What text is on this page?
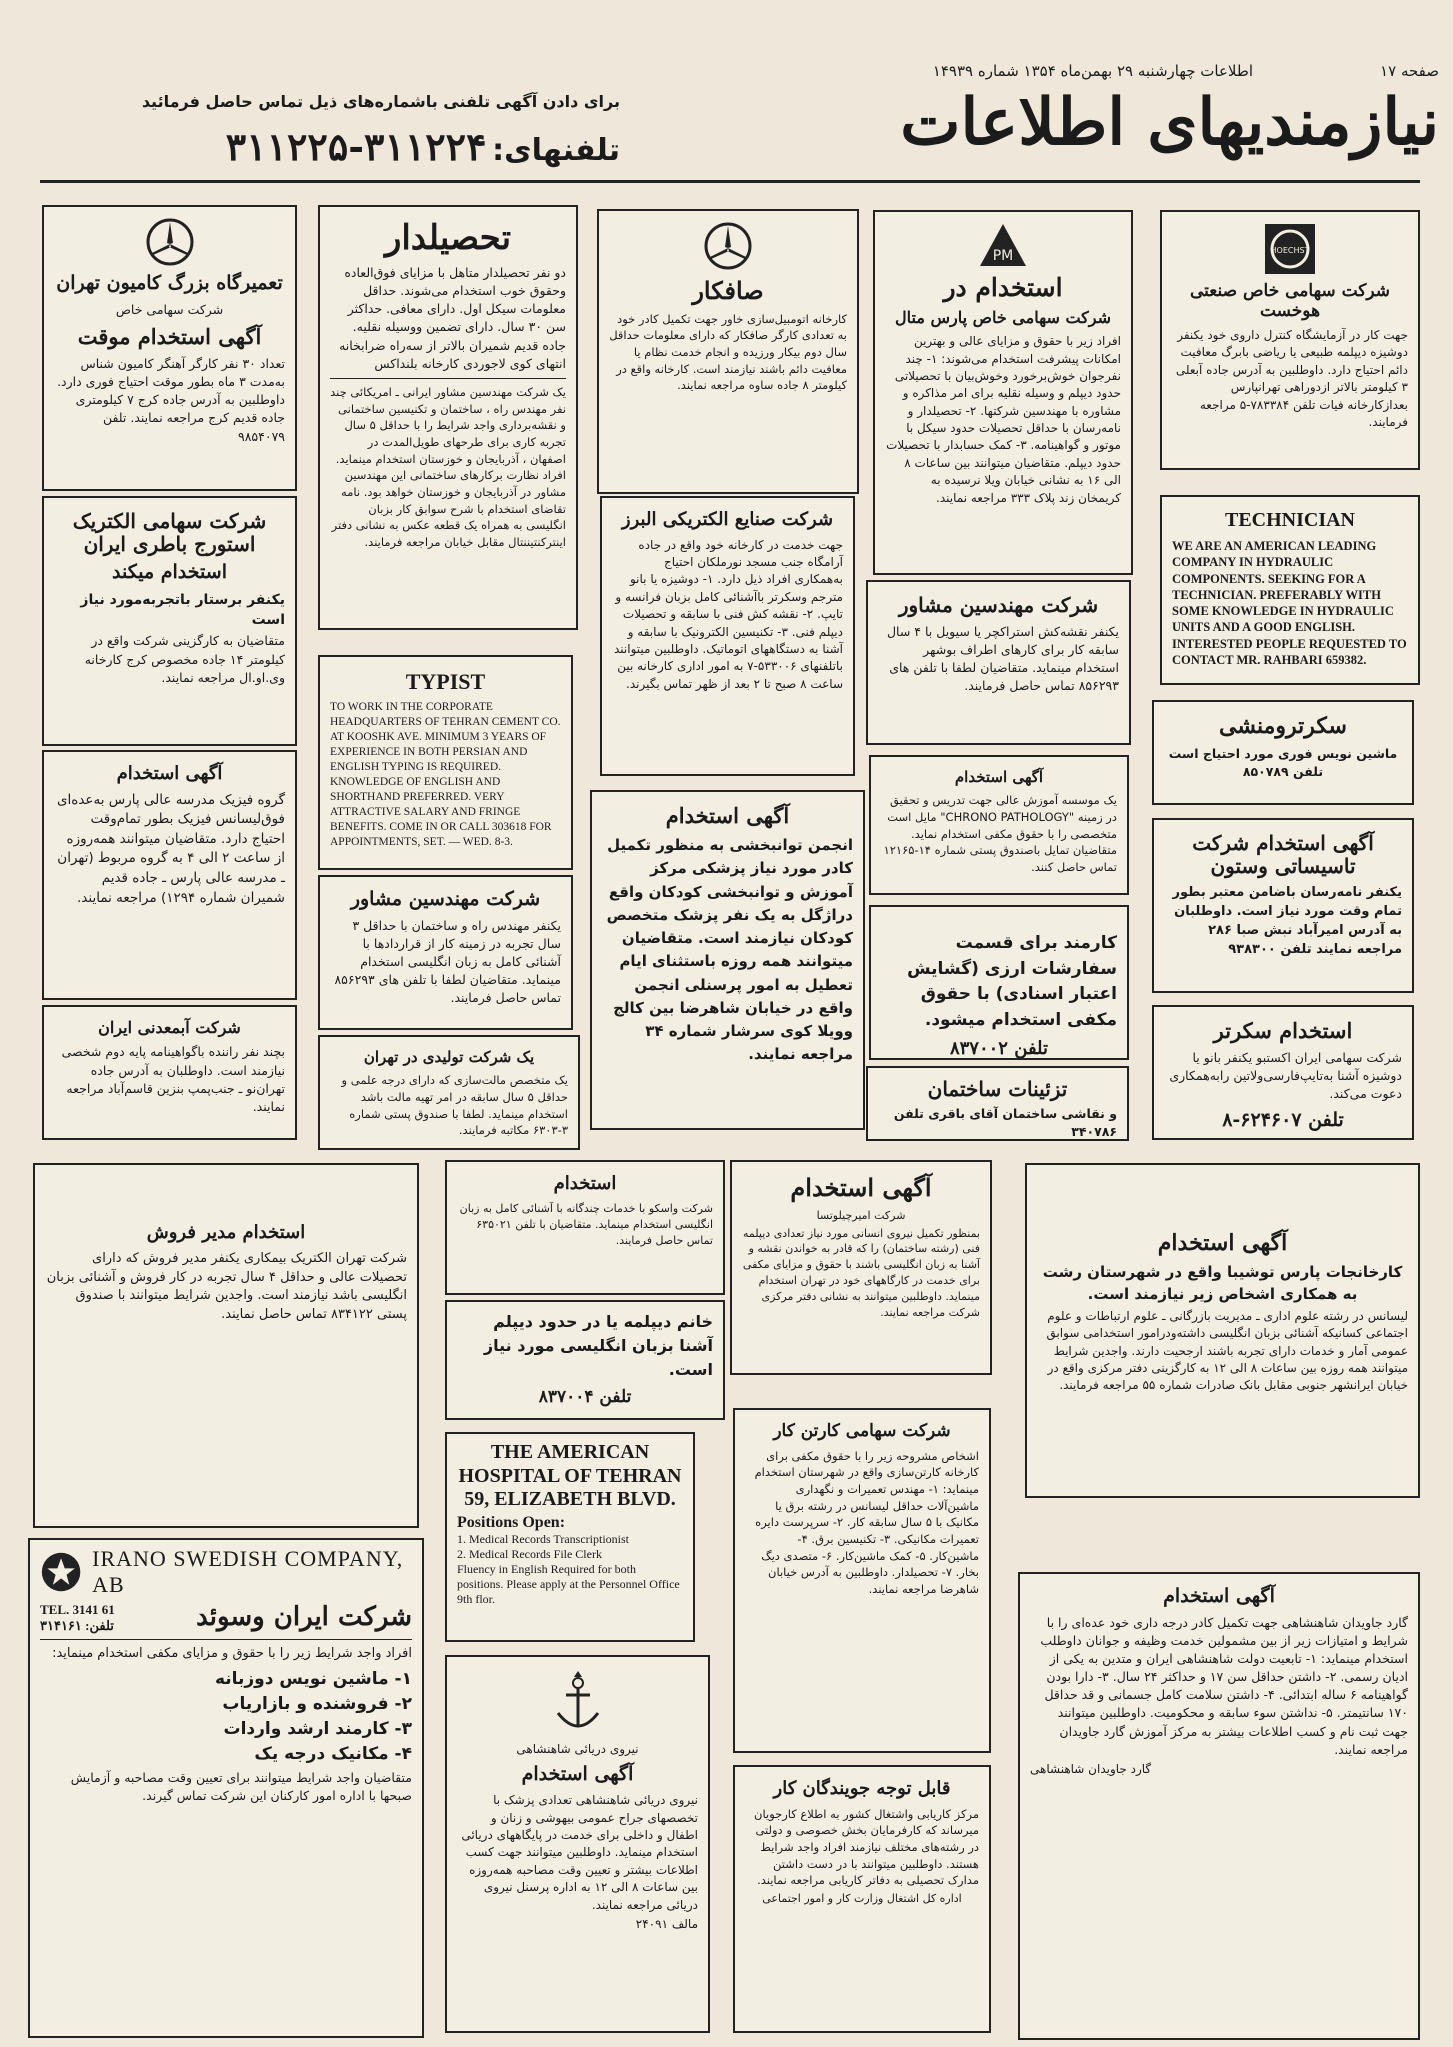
صفحه ۱۷
اطلاعات چهارشنبه ۲۹ بهمن‌ماه ۱۳۵۴ شماره ۱۴۹۳۹
نیازمندیهای اطلاعات
برای دادن آگهی تلفنی باشماره‌های ذیل تماس حاصل فرمائید
تلفنهای: ۳۱۱۲۲۴-۳۱۱۲۲۵
تعمیرگاه بزرگ کامیون تهران
شرکت سهامی خاص
آگهی استخدام موقت
تعداد ۳۰ نفر کارگر آهنگر کامیون شناس به‌مدت ۳ ماه بطور موقت احتیاج فوری دارد. داوطلبین به آدرس جاده کرج ۷ کیلومتری جاده قدیم کرج مراجعه نمایند. تلفن ۹۸۵۴۰۷۹
شرکت سهامی الکتریک استورج باطری ایران
استخدام میکند
یکنفر برستار باتجربه‌مورد نیاز است
متقاضیان به کارگزینی شرکت واقع در کیلومتر ۱۴ جاده مخصوص کرج کارخانه وی.او.ال مراجعه نمایند.
آگهی استخدام
گروه فیزیک مدرسه عالی پارس به‌عده‌ای فوق‌لیسانس فیزیک بطور تمام‌وقت احتیاج دارد. متقاضیان میتوانند همه‌روزه از ساعت ۲ الی ۴ به گروه مربوط (تهران ـ مدرسه عالی پارس ـ جاده قدیم شمیران شماره ۱۲۹۴) مراجعه نمایند.
شرکت آبمعدنی ایران
بچند نفر راننده باگواهینامه پایه دوم شخصی نیازمند است. داوطلبان به آدرس جاده تهران‌نو ـ جنب‌پمپ بنزین قاسم‌آباد مراجعه نمایند.
استخدام مدیر فروش
شرکت تهران الکتریک بیمکاری یکنفر مدیر فروش که دارای تحصیلات عالی و حداقل ۴ سال تجربه در کار فروش و آشنائی بزبان انگلیسی باشد نیازمند است. واجدین شرایط میتوانند با صندوق پستی ۸۳۴۱۲۲ تماس حاصل نمایند.
IRANO SWEDISH COMPANY, AB
TEL. 3141 61
تلفن: ۳۱۴۱۶۱	شرکت ایران وسوئد
افراد واجد شرایط زیر را با حقوق و مزایای مکفی استخدام مینماید:
۱- ماشین نویس دوزبانه
۲- فروشنده و بازاریاب
۳- کارمند ارشد واردات
۴- مکانیک درجه یک
متقاضیان واجد شرایط میتوانند برای تعیین وقت مصاحبه و آزمایش صبحها با اداره امور کارکنان این شرکت تماس گیرند.
تحصیلدار
دو نفر تحصیلدار متاهل با مزایای فوق‌العاده وحقوق خوب استخدام می‌شوند. حداقل معلومات سیکل اول. دارای معافی. حداکثر سن ۳۰ سال. دارای تضمین ووسیله نقلیه. جاده قدیم شمیران بالاتر از سه‌راه ضرابخانه انتهای کوی لاجوردی کارخانه بلنداکس
یک شرکت مهندسین مشاور ایرانی ـ امریکائی چند نفر مهندس راه ، ساختمان و تکنیسین ساختمانی و نقشه‌برداری واجد شرایط را با حداقل ۵ سال تجربه کاری برای طرحهای طویل‌المدت در اصفهان ، آذربایجان و خوزستان استخدام مینماید. افراد نظارت برکارهای ساختمانی این مهندسین مشاور در آذربایجان و خوزستان خواهد بود. نامه تقاضای استخدام با شرح سوابق کار بزبان انگلیسی به همراه یک قطعه عکس به نشانی دفتر اینترکنتیننتال مقابل خیابان مراجعه فرمایند.
TYPIST
TO WORK IN THE CORPORATE HEADQUARTERS OF TEHRAN CEMENT CO. AT KOOSHK AVE. MINIMUM 3 YEARS OF EXPERIENCE IN BOTH PERSIAN AND ENGLISH TYPING IS REQUIRED. KNOWLEDGE OF ENGLISH AND SHORTHAND PREFERRED. VERY ATTRACTIVE SALARY AND FRINGE BENEFITS. COME IN OR CALL 303618 FOR APPOINTMENTS, SET. — WED. 8-3.
شرکت مهندسین مشاور
یکنفر مهندس راه و ساختمان با حداقل ۳ سال تجربه در زمینه کار از قراردادها با آشنائی کامل به زبان انگلیسی استخدام مینماید. متقاضیان لطفا با تلفن های ۸۵۶۲۹۳ تماس حاصل فرمایند.
یک شرکت تولیدی در تهران
یک متخصص مالت‌سازی که دارای درجه علمی و حداقل ۵ سال سابقه در امر تهیه مالت باشد استخدام مینماید. لطفا با صندوق پستی شماره ۳-۶۳۰۳ مکاتبه فرمایند.
صافکار
کارخانه اتومبیل‌سازی خاور جهت تکمیل کادر خود به تعدادی کارگر صافکار که دارای معلومات حداقل سال دوم بیکار ورزیده و انجام خدمت نظام یا معافیت دائم باشند نیازمند است. کارخانه واقع در کیلومتر ۸ جاده ساوه مراجعه نمایند.
شرکت صنایع الکتریکی البرز
جهت خدمت در کارخانه خود واقع در جاده آرامگاه جنب مسجد نورملکان احتیاج به‌همکاری افراد ذیل دارد. ۱- دوشیزه یا بانو مترجم وسکرتر باآشنائی کامل بزبان فرانسه و تایپ. ۲- نقشه کش فنی با سابقه و تحصیلات دیپلم فنی. ۳- تکنیسین الکترونیک با سابقه و آشنا به دستگاههای اتوماتیک. داوطلبین میتوانند باتلفنهای ۵۳۳۰۰۶-۷ به امور اداری کارخانه بین ساعت ۸ صبح تا ۲ بعد از ظهر تماس بگیرند.
آگهی استخدام
انجمن توانبخشی به منظور تکمیل کادر مورد نیاز پزشکی مرکز آموزش و توانبخشی کودکان واقع دراژگل به یک نفر پزشک متخصص کودکان نیازمند است. متقاضیان میتوانند همه روزه باستثنای ایام تعطیل به امور پرسنلی انجمن واقع در خیابان شاهرضا بین کالج وویلا کوی سرشار شماره ۳۴ مراجعه نمایند.
PM
استخدام در
شرکت سهامی خاص پارس متال
افراد زیر با حقوق و مزایای عالی و بهترین امکانات پیشرفت استخدام می‌شوند: ۱- چند نفرجوان خوش‌برخورد وخوش‌بیان با تحصیلاتی حدود دیپلم و وسیله نقلیه برای امر مذاکره و مشاوره با مهندسین شرکتها. ۲- تحصیلدار و نامه‌رسان با حداقل تحصیلات حدود سیکل با موتور و گواهینامه. ۳- کمک حسابدار با تحصیلات حدود دیپلم. متقاضیان میتوانند بین ساعات ۸ الی ۱۶ به نشانی خیابان ویلا نرسیده به کریمخان زند پلاک ۳۳۳ مراجعه نمایند.
شرکت مهندسین مشاور
یکنفر نقشه‌کش استراکچر یا سیویل با ۴ سال سابقه کار برای کارهای اطراف بوشهر استخدام مینماید. متقاضیان لطفا با تلفن های ۸۵۶۲۹۳ تماس حاصل فرمایند.
آگهی استخدام
یک موسسه آموزش عالی جهت تدریس و تحقیق در زمینه "CHRONO PATHOLOGY" مایل است متخصصی را با حقوق مکفی استخدام نماید. متقاضیان تمایل باصندوق پستی شماره ۱۴-۱۲۱۶۵ تماس حاصل کنند.
کارمند برای قسمت سفارشات ارزی (گشایش اعتبار اسنادی) با حقوق مکفی استخدام میشود.
تلفن ۸۳۷۰۰۲
تزئینات ساختمان
و نقاشی ساختمان آقای باقری تلفن ۳۴۰۷۸۶
HOECHST
شرکت سهامی خاص صنعتی هوخست
جهت کار در آزمایشگاه کنترل داروی خود یکنفر دوشیزه دیپلمه طبیعی یا ریاضی بابرگ معافیت دائم احتیاج دارد. داوطلبین به آدرس جاده آبعلی ۳ کیلومتر بالاتر ازدوراهی تهرانپارس بعدازکارخانه‌ فیات تلفن ۷۸۳۳۸۴-۵ مراجعه فرمایند.
TECHNICIAN
WE ARE AN AMERICAN LEADING COMPANY IN HYDRAULIC COMPONENTS. SEEKING FOR A TECHNICIAN. PREFERABLY WITH SOME KNOWLEDGE IN HYDRAULIC UNITS AND A GOOD ENGLISH. INTERESTED PEOPLE REQUESTED TO CONTACT MR. RAHBARI 659382.
سکرترومنشی
ماشین نویس فوری مورد احتیاج است تلفن ۸۵۰۷۸۹
آگهی استخدام شرکت تاسیساتی وستون
یکنفر نامه‌رسان باضامن معتبر بطور تمام وقت مورد نیاز است. داوطلبان به آدرس امیرآباد نبش صبا ۲۸۶ مراجعه نمایند تلفن ۹۳۸۳۰۰
استخدام سکرتر
شرکت سهامی ایران اکستبو یکنفر بانو یا دوشیزه آشنا به‌تایپ‌فارسی‌ولاتین رابه‌همکاری دعوت می‌کند.
تلفن ۶۲۴۶۰۷-۸
استخدام
شرکت واسکو با خدمات چندگانه با آشنائی کامل به زبان انگلیسی استخدام مینماید. متقاضیان با تلفن ۶۳۵۰۲۱ تماس حاصل فرمایند.
خانم دیپلمه یا در حدود دیپلم آشنا بزبان انگلیسی مورد نیاز است.
تلفن ۸۳۷۰۰۴
THE AMERICAN HOSPITAL OF TEHRAN
59, ELIZABETH BLVD.
Positions Open:
1. Medical Records Transcriptionist
2. Medical Records File Clerk
Fluency in English Required for both positions. Please apply at the Personnel Office 9th flor.
نیروی دریائی شاهنشاهی
آگهی استخدام
نیروی دریائی شاهنشاهی تعدادی پزشک با تخصصهای جراح عمومی بیهوشی و زنان و اطفال و داخلی برای خدمت در پایگاههای دریائی استخدام مینماید. داوطلبین میتوانند جهت کسب اطلاعات بیشتر و تعیین وقت مصاحبه همه‌روزه بین ساعات ۸ الی ۱۲ به اداره پرسنل نیروی دریائی مراجعه نمایند.
مالف ۲۴۰۹۱
آگهی استخدام
شرکت امیرچیلوتسا
بمنظور تکمیل نیروی انسانی مورد نیاز تعدادی دیپلمه فنی (رشته ساختمان) را که قادر به خواندن نقشه و آشنا به زبان انگلیسی باشند با حقوق و مزایای مکفی برای خدمت در کارگاههای خود در تهران استخدام مینماید. داوطلبین میتوانند به نشانی دفتر مرکزی شرکت مراجعه نمایند.
شرکت سهامی کارتن کار
اشخاص مشروحه زیر را با حقوق مکفی برای کارخانه کارتن‌سازی واقع در شهرستان استخدام مینماید: ۱- مهندس تعمیرات و نگهداری ماشین‌آلات حداقل لیسانس در رشته برق یا مکانیک با ۵ سال سابقه کار. ۲- سرپرست دایره تعمیرات مکانیکی. ۳- تکنیسین برق. ۴- ماشین‌کار. ۵- کمک ماشین‌کار. ۶- متصدی دیگ بخار. ۷- تحصیلدار. داوطلبین به آدرس خیابان شاهرضا مراجعه نمایند.
قابل توجه جویندگان کار
مرکز کاریابی واشتغال کشور به اطلاع کارجویان میرساند که کارفرمایان بخش خصوصی و دولتی در رشته‌های مختلف نیازمند افراد واجد شرایط هستند. داوطلبین میتوانند با در دست داشتن مدارک تحصیلی به دفاتر کاریابی مراجعه نمایند.
اداره کل اشتغال وزارت کار و امور اجتماعی
آگهی استخدام
کارخانجات پارس توشیبا واقع در شهرستان رشت به همکاری اشخاص زیر نیازمند است.
لیسانس در رشته علوم اداری ـ مدیریت بازرگانی ـ علوم ارتباطات و علوم اجتماعی کسانیکه آشنائی بزبان انگلیسی داشته‌ودرامور استخدامی سوابق عمومی آمار و خدمات دارای تجربه باشند ارجحیت دارند. واجدین شرایط میتوانند همه روزه بین ساعات ۸ الی ۱۲ به کارگزینی دفتر مرکزی واقع در خیابان ایرانشهر جنوبی مقابل بانک صادرات شماره ۵۵ مراجعه فرمایند.
آگهی استخدام
گارد جاویدان شاهنشاهی جهت تکمیل کادر درجه داری خود عده‌ای را با شرایط و امتیازات زیر از بین مشمولین خدمت وظیفه و جوانان داوطلب استخدام مینماید: ۱- تابعیت دولت شاهنشاهی ایران و متدین به یکی از ادیان رسمی. ۲- داشتن حداقل سن ۱۷ و حداکثر ۲۴ سال. ۳- دارا بودن گواهینامه ۶ ساله ابتدائی. ۴- داشتن سلامت کامل جسمانی و قد حداقل ۱۷۰ سانتیمتر. ۵- نداشتن سوء سابقه و محکومیت. داوطلبین میتوانند جهت ثبت نام و کسب اطلاعات بیشتر به مرکز آموزش گارد جاویدان مراجعه نمایند.
گارد جاویدان شاهنشاهی
